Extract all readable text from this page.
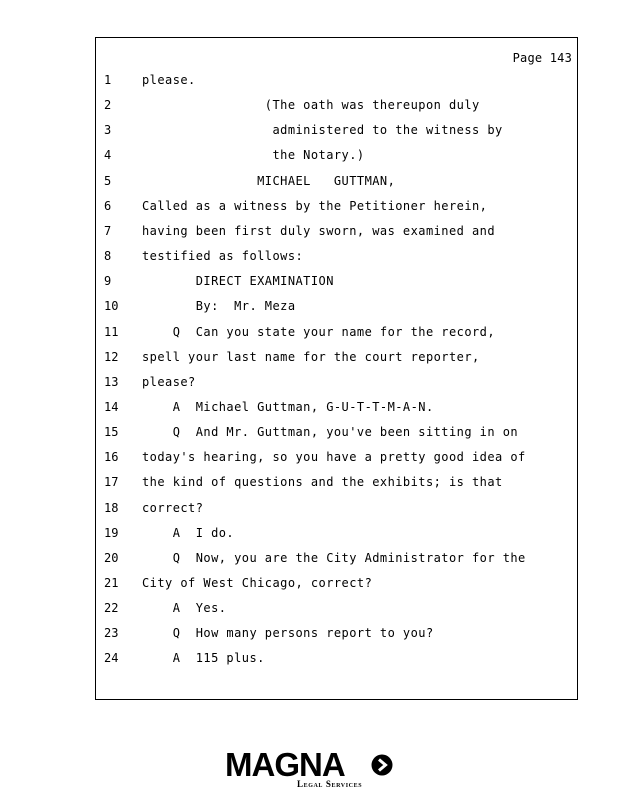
Page 143
1	please.
2	(The oath was thereupon duly
3	administered to the witness by
4	the Notary.)
5	MICHAEL   GUTTMAN,
6	Called as a witness by the Petitioner herein,
7	having been first duly sworn, was examined and
8	testified as follows:
9	DIRECT EXAMINATION
10	By:  Mr. Meza
11	Q  Can you state your name for the record,
12	spell your last name for the court reporter,
13	please?
14	A  Michael Guttman, G-U-T-T-M-A-N.
15	Q  And Mr. Guttman, you've been sitting in on
16	today's hearing, so you have a pretty good idea of
17	the kind of questions and the exhibits; is that
18	correct?
19	A  I do.
20	Q  Now, you are the City Administrator for the
21	City of West Chicago, correct?
22	A  Yes.
23	Q  How many persons report to you?
24	A  115 plus.
MAGNA
Legal Services
